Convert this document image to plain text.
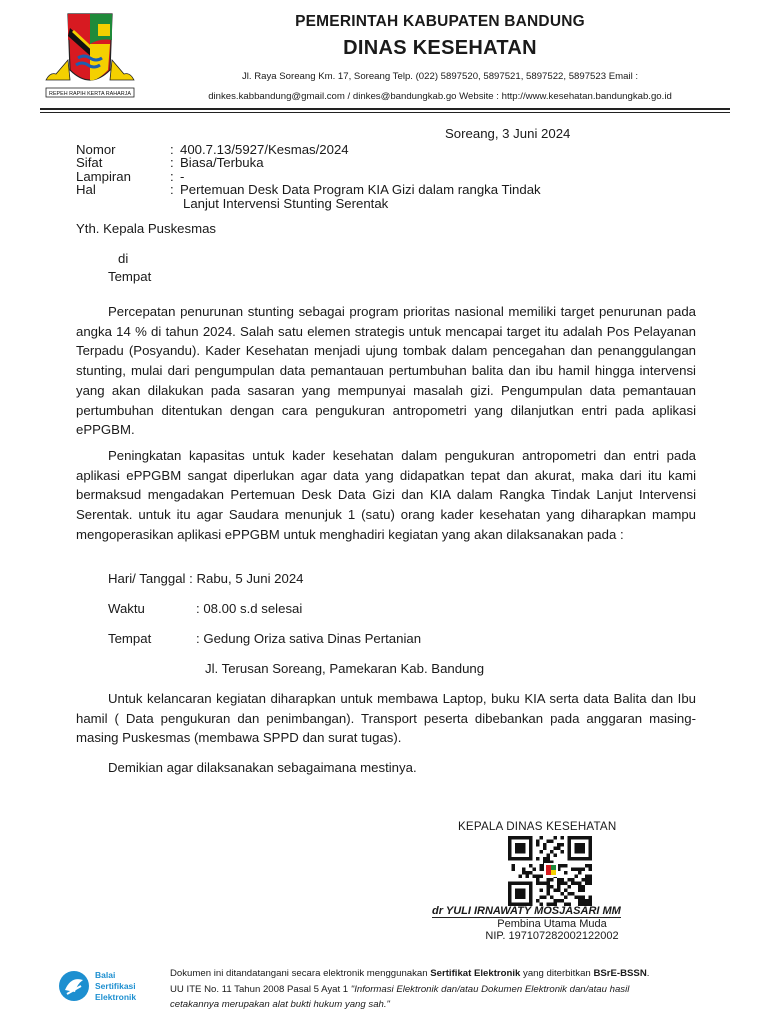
REPEH RAPIH KERTA RAHARJA
PEMERINTAH KABUPATEN BANDUNG
DINAS KESEHATAN
Jl. Raya Soreang Km. 17, Soreang Telp. (022) 5897520, 5897521, 5897522, 5897523 Email :
dinkes.kabbandung@gmail.com / dinkes@bandungkab.go Website : http://www.kesehatan.bandungkab.go.id
Soreang, 3 Juni 2024
Nomor	:	400.7.13/5927/Kesmas/2024
Sifat	:	Biasa/Terbuka
Lampiran	:	-
Hal	:	Pertemuan Desk Data Program KIA Gizi dalam rangka Tindak
Lanjut Intervensi Stunting Serentak
Yth. Kepala Puskesmas
di
Tempat

Percepatan penurunan stunting sebagai program prioritas nasional memiliki target penurunan pada angka 14 % di tahun 2024. Salah satu elemen strategis untuk mencapai target itu adalah Pos Pelayanan Terpadu (Posyandu). Kader Kesehatan menjadi ujung tombak dalam pencegahan dan penanggulangan stunting, mulai dari pengumpulan data pemantauan pertumbuhan balita dan ibu hamil hingga intervensi yang akan dilakukan pada sasaran yang mempunyai masalah gizi. Pengumpulan data pemantauan pertumbuhan ditentukan dengan cara pengukuran antropometri yang dilanjutkan entri pada aplikasi ePPGBM.

Peningkatan kapasitas untuk kader kesehatan dalam pengukuran antropometri dan entri pada aplikasi ePPGBM sangat diperlukan agar data yang didapatkan tepat dan akurat, maka dari itu kami bermaksud mengadakan Pertemuan Desk Data Gizi dan KIA dalam Rangka Tindak Lanjut Intervensi Serentak. untuk itu agar Saudara menunjuk 1 (satu) orang kader kesehatan yang diharapkan mampu mengoperasikan aplikasi ePPGBM untuk menghadiri kegiatan yang akan dilaksanakan pada :

Hari/ Tanggal : Rabu, 5 Juni 2024
Waktu	: 08.00 s.d selesai
Tempat	: Gedung Oriza sativa Dinas Pertanian
Jl. Terusan Soreang, Pamekaran Kab. Bandung

Untuk kelancaran kegiatan diharapkan untuk membawa Laptop, buku KIA serta data Balita dan Ibu hamil ( Data pengukuran dan penimbangan). Transport peserta dibebankan pada anggaran masing-masing Puskesmas (membawa SPPD dan surat tugas).

Demikian agar dilaksanakan sebagaimana mestinya.
KEPALA DINAS KESEHATAN
dr YULI IRNAWATY MOSJASARI MM
Pembina Utama Muda
NIP. 197107282002122002
Balai
Sertifikasi
Elektronik
Dokumen ini ditandatangani secara elektronik menggunakan Sertifikat Elektronik yang diterbitkan BSrE-BSSN.
UU ITE No. 11 Tahun 2008 Pasal 5 Ayat 1 "Informasi Elektronik dan/atau Dokumen Elektronik dan/atau hasil
cetakannya merupakan alat bukti hukum yang sah."
